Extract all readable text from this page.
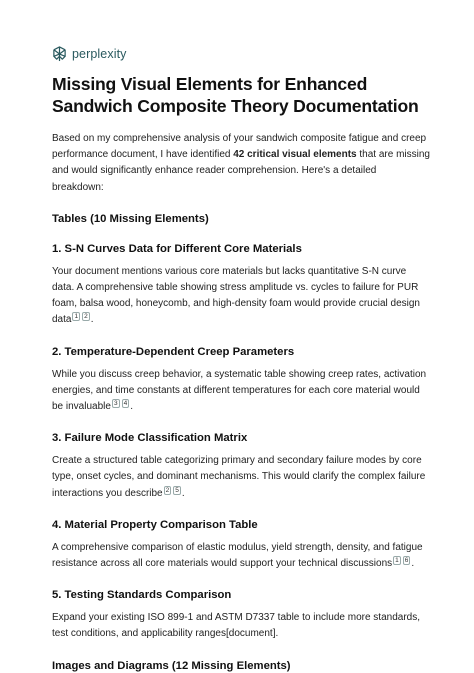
perplexity
Missing Visual Elements for Enhanced Sandwich Composite Theory Documentation

Based on my comprehensive analysis of your sandwich composite fatigue and creep performance document, I have identified 42 critical visual elements that are missing and would significantly enhance reader comprehension. Here's a detailed breakdown:

Tables (10 Missing Elements)
1. S-N Curves Data for Different Core Materials

Your document mentions various core materials but lacks quantitative S-N curve data. A comprehensive table showing stress amplitude vs. cycles to failure for PUR foam, balsa wood, honeycomb, and high-density foam would provide crucial design data $^1$ $^2$ .

2. Temperature-Dependent Creep Parameters

While you discuss creep behavior, a systematic table showing creep rates, activation energies, and time constants at different temperatures for each core material would be invaluable $^3$ $^4$ .

3. Failure Mode Classification Matrix

Create a structured table categorizing primary and secondary failure modes by core type, onset cycles, and dominant mechanisms. This would clarify the complex failure interactions you describe $^2$ $^5$ .

4. Material Property Comparison Table

A comprehensive comparison of elastic modulus, yield strength, density, and fatigue resistance across all core materials would support your technical discussions $^1$ $^6$ .

5. Testing Standards Comparison

Expand your existing ISO 899-1 and ASTM D7337 table to include more standards, test conditions, and applicability ranges[document].

Images and Diagrams (12 Missing Elements)
